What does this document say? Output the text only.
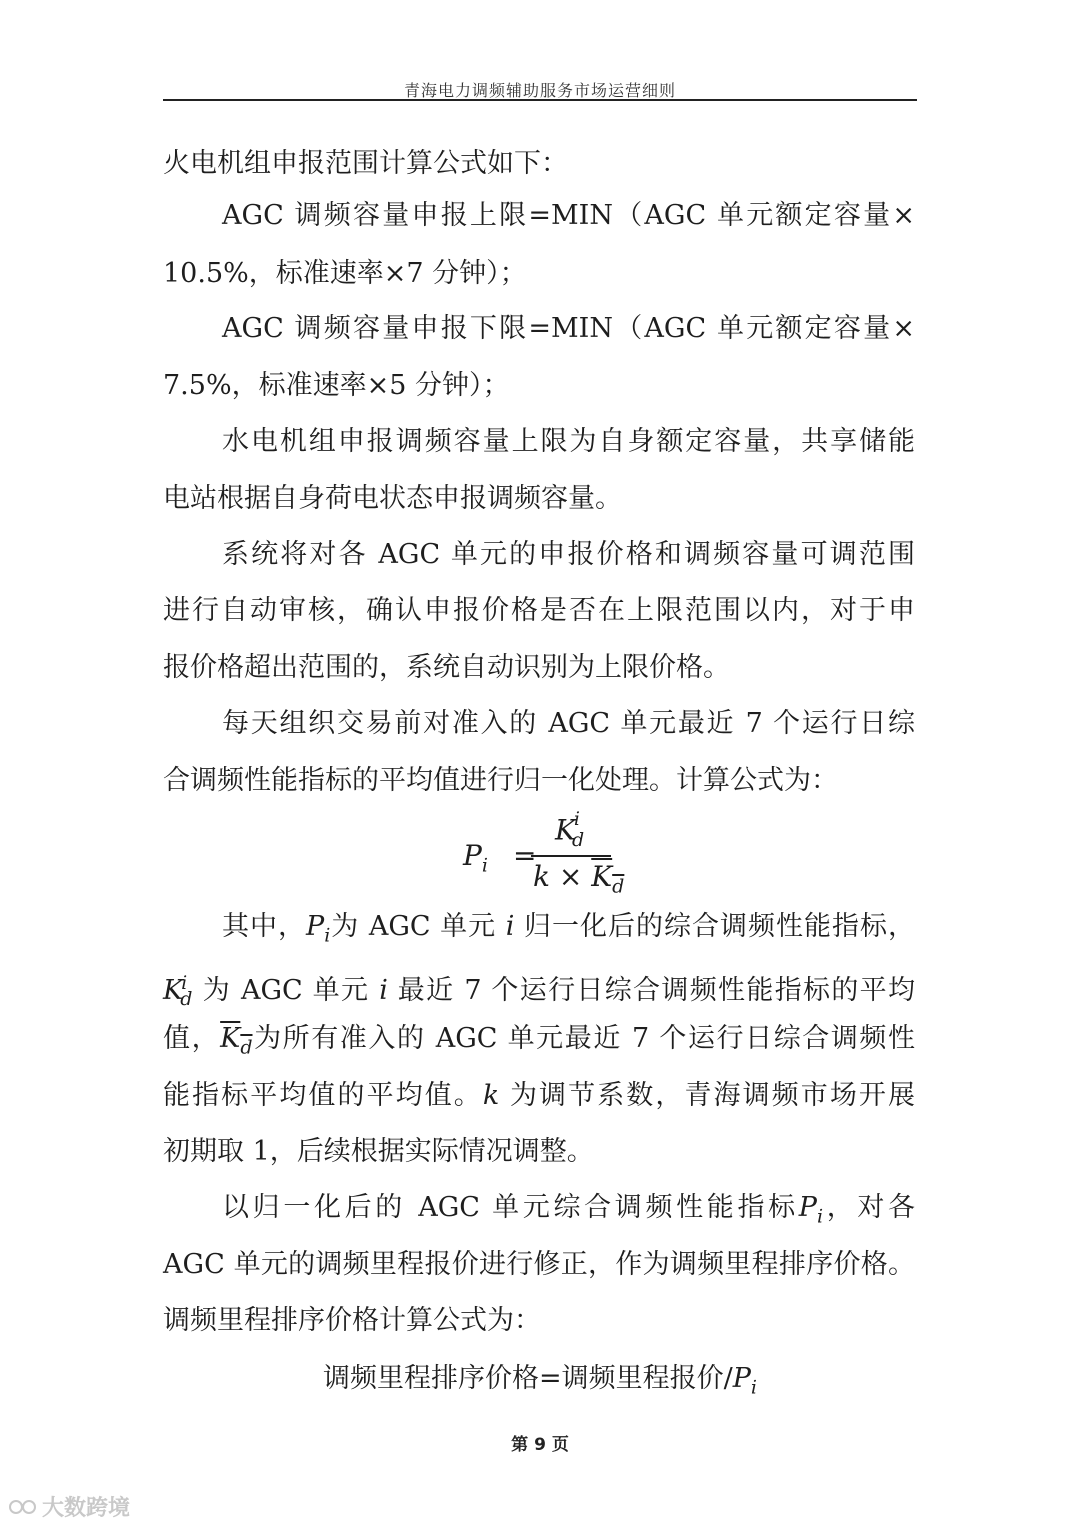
青海电力调频辅助服务市场运营细则
火电机组申报范围计算公式如下：
AGC 调频容量申报上限=MIN（AGC 单元额定容量×
10.5%，标准速率×7 分钟）；
AGC 调频容量申报下限=MIN（AGC 单元额定容量×
7.5%，标准速率×5 分钟）；
水电机组申报调频容量上限为自身额定容量，共享储能
电站根据自身荷电状态申报调频容量。
系统将对各 AGC 单元的申报价格和调频容量可调范围
进行自动审核，确认申报价格是否在上限范围以内，对于申
报价格超出范围的，系统自动识别为上限价格。
每天组织交易前对准入的 AGC 单元最近 7 个运行日综
合调频性能指标的平均值进行归一化处理。计算公式为：
$P_i$ =
$K^i_d$
$k \times K_d$
其中，$P_i$为 AGC 单元 i 归一化后的综合调频性能指标，
$K^i_d$ 为 AGC 单元 i 最近 7 个运行日综合调频性能指标的平均
值，$K_d$为所有准入的 AGC 单元最近 7 个运行日综合调频性
能指标平均值的平均值。k 为调节系数，青海调频市场开展
初期取 1，后续根据实际情况调整。
以归一化后的 AGC 单元综合调频性能指标$P_i$，对各
AGC 单元的调频里程报价进行修正，作为调频里程排序价格。
调频里程排序价格计算公式为：
调频里程排序价格=调频里程报价$/P_i$
第 9 页
大数跨境
